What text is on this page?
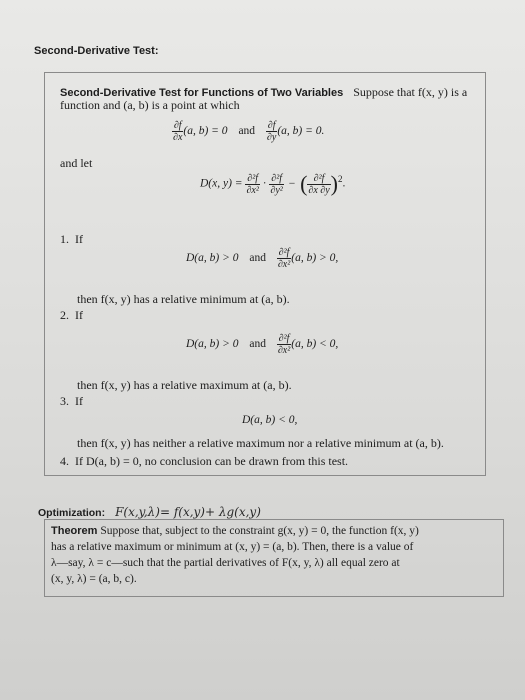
Second-Derivative Test:
Second-Derivative Test for Functions of Two Variables Suppose that f(x, y) is a
function and (a, b) is a point at which
$\frac{\partial f}{\partial x} (a$, b) = 0 and $\frac{\partial f}{\partial y} (a$, b) = 0.
and let
D(x, $y) = \frac{\text{∂²f}}{\text{∂x²}} \cdot \frac{\text{∂²f}}{\text{∂y²}}$ − ( $\frac{\text{∂²f}}{\partial x \partial y} )^2$.
1. If
D(a, b) > 0 and $\frac{\text{∂²f}}{\text{∂x²}} (a$, b) > 0,
then f(x, y) has a relative minimum at (a, b).
2. If
D(a, b) > 0 and $\frac{\text{∂²f}}{\text{∂x²}} (a$, b) < 0,
then f(x, y) has a relative maximum at (a, b).
3. If
D(a, b) < 0,
then f(x, y) has neither a relative maximum nor a relative minimum at (a, b).
4. If D(a, b) = 0, no conclusion can be drawn from this test.
Optimization: F(x,y,λ)= f(x,y)+ λg(x,y)
Theorem Suppose that, subject to the constraint g(x, y) = 0, the function f(x, y)
has a relative maximum or minimum at (x, y) = (a, b). Then, there is a value of
λ—say, λ = c—such that the partial derivatives of F(x, y, λ) all equal zero at
(x, y, λ) = (a, b, c).
